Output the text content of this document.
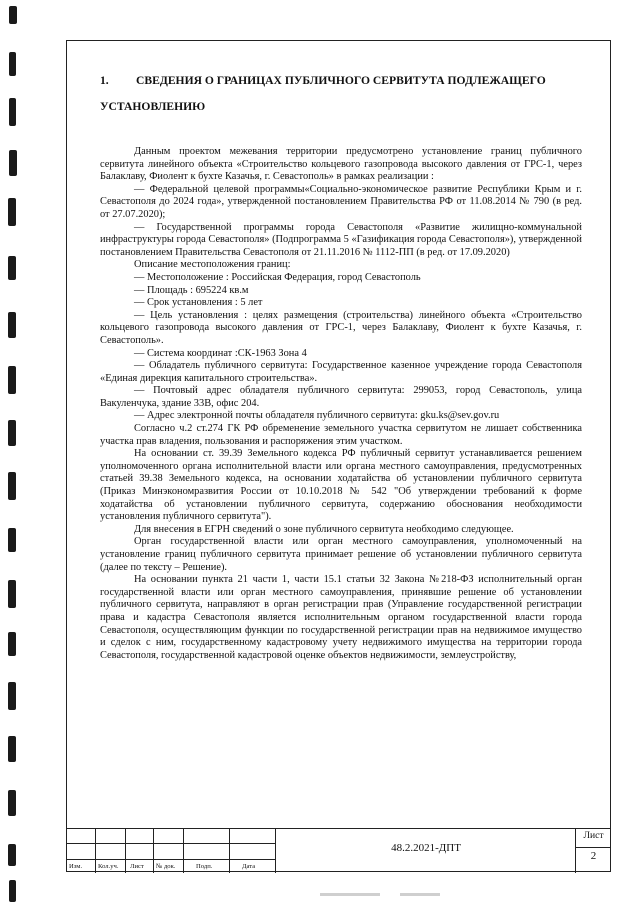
1. СВЕДЕНИЯ О ГРАНИЦАХ ПУБЛИЧНОГО СЕРВИТУТА ПОДЛЕЖАЩЕГО УСТАНОВЛЕНИЮ

Данным проектом межевания территории предусмотрено установление границ публичного сервитута линейного объекта «Строительство кольцевого газопровода высокого давления от ГРС-1, через Балаклаву, Фиолент к бухте Казачья, г. Севастополь» в рамках реализации :

— Федеральной целевой программы«Социально-экономическое развитие Республики Крым и г. Севастополя до 2024 года», утвержденной постановлением Правительства РФ от 11.08.2014 № 790 (в ред. от 27.07.2020);

— Государственной программы города Севастополя «Развитие жилищно-коммунальной инфраструктуры города Севастополя» (Подпрограмма 5 «Газификация города Севастополя»), утвержденной постановлением Правительства Севастополя от 21.11.2016 № 1112-ПП (в ред. от 17.09.2020)

Описание местоположения границ:

— Местоположение : Российская Федерация, город Севастополь

— Площадь : 695224 кв.м

— Срок установления : 5 лет

— Цель установления : целях размещения (строительства) линейного объекта «Строительство кольцевого газопровода высокого давления от ГРС-1, через Балаклаву, Фиолент к бухте Казачья, г. Севастополь».

— Система координат :СК-1963 Зона 4

— Обладатель публичного сервитута: Государственное казенное учреждение города Севастополя «Единая дирекция капитального строительства».

— Почтовый адрес обладателя публичного сервитута: 299053, город Севастополь, улица Вакуленчука, здание 33В, офис 204.

— Адрес электронной почты обладателя публичного сервитута: gku.ks@sev.gov.ru

Согласно ч.2 ст.274 ГК РФ обременение земельного участка сервитутом не лишает собственника участка прав владения, пользования и распоряжения этим участком.

На основании ст. 39.39 Земельного кодекса РФ публичный сервитут устанавливается решением уполномоченного органа исполнительной власти или органа местного самоуправления, предусмотренных статьей 39.38 Земельного кодекса, на основании ходатайства об установлении публичного сервитута (Приказ Минэкономразвития России от 10.10.2018 № 542 "Об утверждении требований к форме ходатайства об установлении публичного сервитута, содержанию обоснования необходимости установления публичного сервитута").

Для внесения в ЕГРН сведений о зоне публичного сервитута необходимо следующее.

Орган государственной власти или орган местного самоуправления, уполномоченный на установление границ публичного сервитута принимает решение об установлении публичного сервитута (далее по тексту – Решение).

На основании пункта 21 части 1, части 15.1 статьи 32 Закона №218-ФЗ исполнительный орган государственной власти или орган местного самоуправления, принявшие решение об установлении публичного сервитута, направляют в орган регистрации прав (Управление государственной регистрации права и кадастра Севастополя является исполнительным органом государственной власти города Севастополя, осуществляющим функции по государственной регистрации прав на недвижимое имущество и сделок с ним, государственному кадастровому учету недвижимого имущества на территории города Севастополя, государственной кадастровой оценке объектов недвижимости, землеустройству,

Изм. Кол.уч. Лист № док.	Подп.	Дата
48.2.2021-ДПТ
Лист
2
